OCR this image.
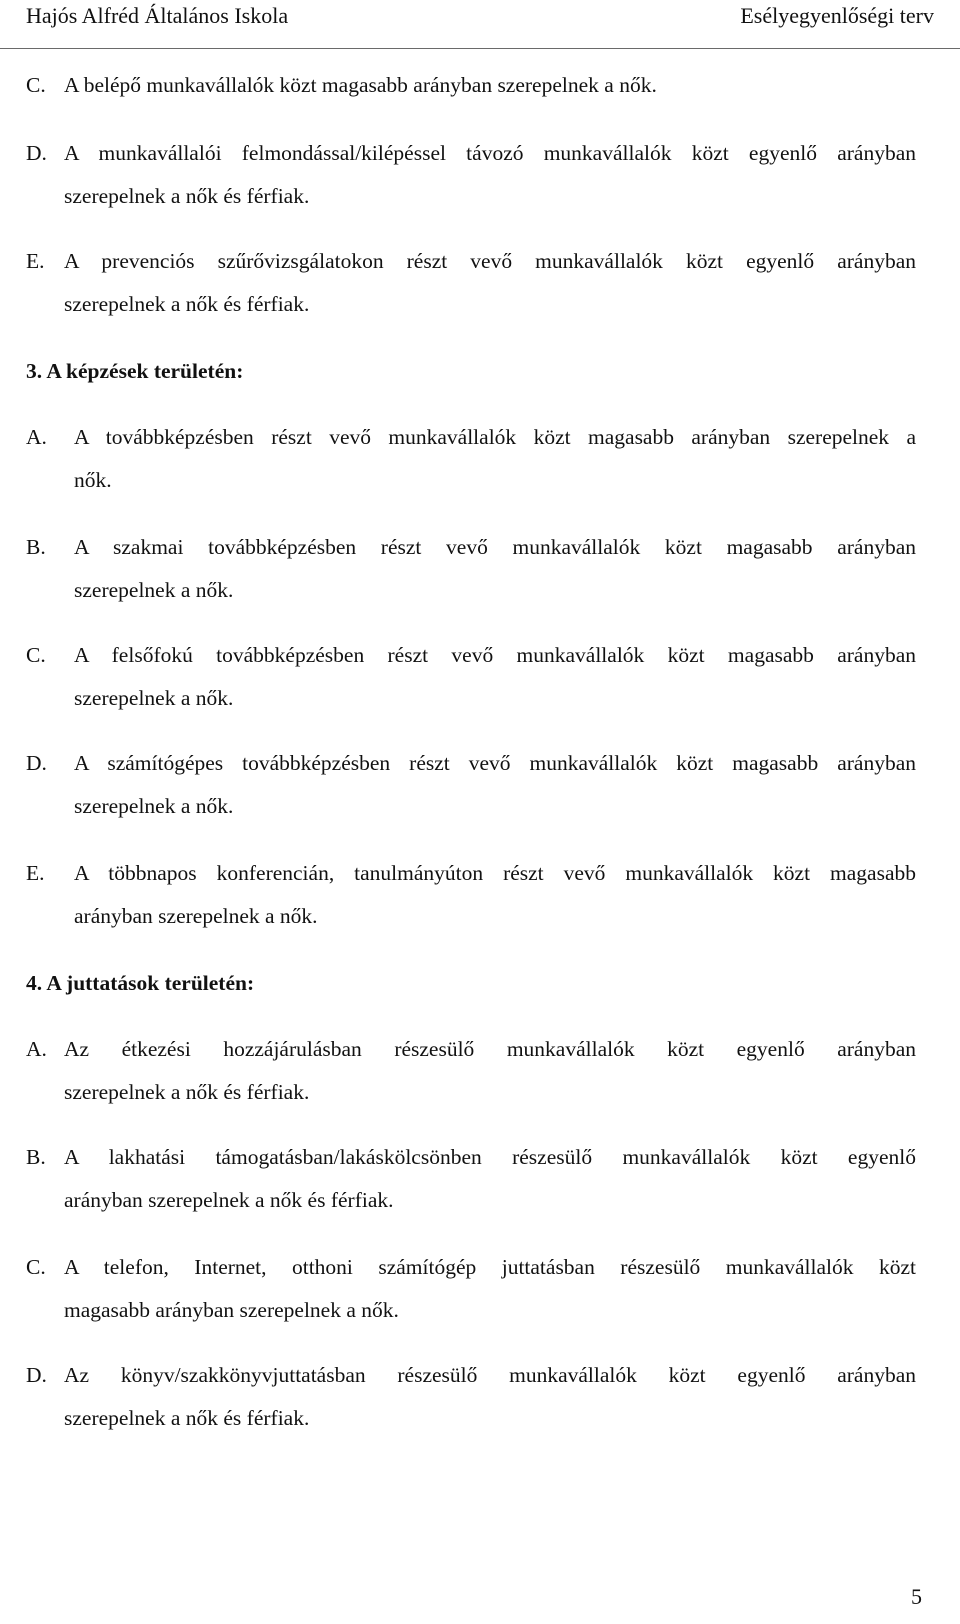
Hajós Alfréd Általános Iskola	Esélyegyenlőségi terv
C. A belépő munkavállalók közt magasabb arányban szerepelnek a nők.
D. A munkavállalói felmondással/kilépéssel távozó munkavállalók közt egyenlő arányban
szerepelnek a nők és férfiak.
E. A prevenciós szűrővizsgálatokon részt vevő munkavállalók közt egyenlő arányban
szerepelnek a nők és férfiak.
3. A képzések területén:
A.	A továbbképzésben részt vevő munkavállalók közt magasabb arányban szerepelnek a
nők.
B.	A szakmai továbbképzésben részt vevő munkavállalók közt magasabb arányban
szerepelnek a nők.
C.	A felsőfokú továbbképzésben részt vevő munkavállalók közt magasabb arányban
szerepelnek a nők.
D.	A számítógépes továbbképzésben részt vevő munkavállalók közt magasabb arányban
szerepelnek a nők.
E.	A többnapos konferencián, tanulmányúton részt vevő munkavállalók közt magasabb
arányban szerepelnek a nők.
4. A juttatások területén:
A. Az étkezési hozzájárulásban részesülő munkavállalók közt egyenlő arányban
szerepelnek a nők és férfiak.
B. A lakhatási támogatásban/lakáskölcsönben részesülő munkavállalók közt egyenlő
arányban szerepelnek a nők és férfiak.
C. A telefon, Internet, otthoni számítógép juttatásban részesülő munkavállalók közt
magasabb arányban szerepelnek a nők.
D. Az könyv/szakkönyvjuttatásban részesülő munkavállalók közt egyenlő arányban
szerepelnek a nők és férfiak.
5
